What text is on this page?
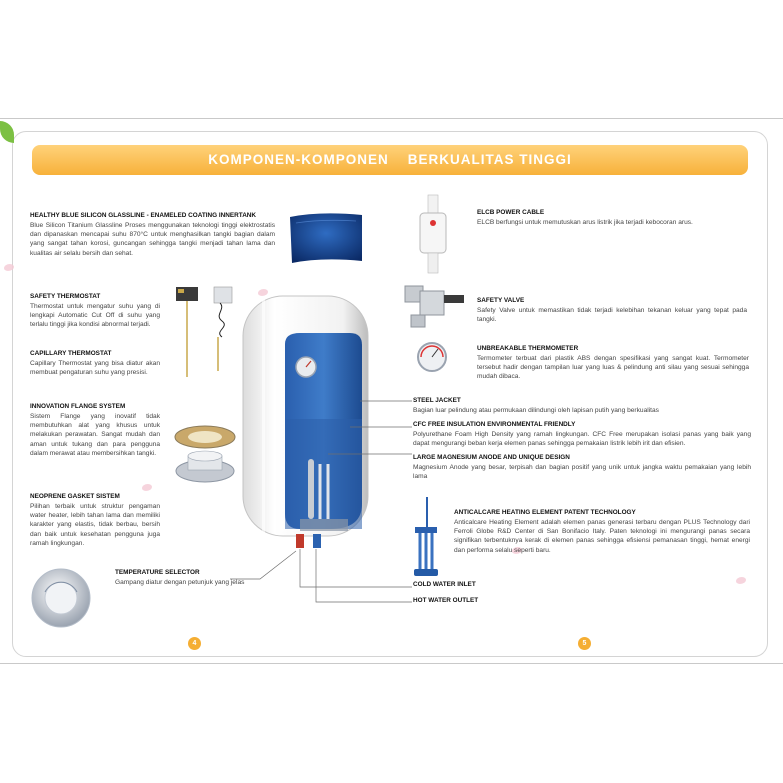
KOMPONEN-KOMPONEN    BERKUALITAS TINGGI
HEALTHY BLUE SILICON GLASSLINE - ENAMELED COATING INNERTANK

Blue Silicon Titanium Glassline Proses menggunakan teknologi tinggi elektrostatis dan dipanaskan mencapai suhu 870°C untuk menghasilkan tangki bagian dalam yang sangat tahan korosi, guncangan sehingga tangki menjadi tahan lama dan kualitas air selalu bersih dan sehat.

SAFETY THERMOSTAT

Thermostat untuk mengatur suhu yang di lengkapi Automatic Cut Off di suhu yang terlalu tinggi jika kondisi abnormal terjadi.

CAPILLARY THERMOSTAT

Capillary Thermostat yang bisa diatur akan membuat pengaturan suhu yang presisi.

INNOVATION FLANGE SYSTEM

Sistem Flange yang inovatif tidak membutuhkan alat yang khusus untuk melakukan perawatan. Sangat mudah dan aman untuk tukang dan para pengguna dalam merawat atau membersihkan tangki.

NEOPRENE GASKET SISTEM

Pilihan terbaik untuk struktur pengaman water heater, lebih tahan lama dan memiliki karakter yang elastis, tidak berbau, bersih dan baik untuk kesehatan pengguna juga ramah lingkungan.

TEMPERATURE SELECTOR

Gampang diatur dengan petunjuk yang jelas

ELCB POWER CABLE

ELCB berfungsi untuk memutuskan arus listrik jika terjadi kebocoran arus.

SAFETY VALVE

Safety Valve untuk memastikan tidak terjadi kelebihan tekanan keluar yang tepat pada tangki.

UNBREAKABLE THERMOMETER

Termometer terbuat dari plastik ABS dengan spesifikasi yang sangat kuat. Termometer tersebut hadir dengan tampilan luar yang luas & pelindung anti silau yang sesuai sehingga mudah dibaca.

STEEL JACKET

Bagian luar pelindung atau permukaan dilindungi oleh lapisan putih yang berkualitas

CFC FREE INSULATION ENVIRONMENTAL FRIENDLY

Polyurethane Foam High Density yang ramah lingkungan. CFC Free merupakan isolasi panas yang baik yang dapat mengurangi beban kerja elemen panas sehingga pemakaian listrik lebih irit dan efisien.

LARGE MAGNESIUM ANODE AND UNIQUE DESIGN

Magnesium Anode yang besar, terpisah dan bagian positif yang unik untuk jangka waktu pemakaian yang lebih lama

ANTICALCARE HEATING ELEMENT PATENT TECHNOLOGY

Anticalcare Heating Element adalah elemen panas generasi terbaru dengan PLUS Technology dari Ferroli Globe R&D Center di San Bonifacio Italy. Paten teknologi ini mengurangi panas secara signifikan terbentuknya kerak di elemen panas sehingga efisiensi pemanasan tinggi, hemat energi dan performa selalu seperti baru.

COLD WATER INLET
HOT WATER OUTLET
4	5
